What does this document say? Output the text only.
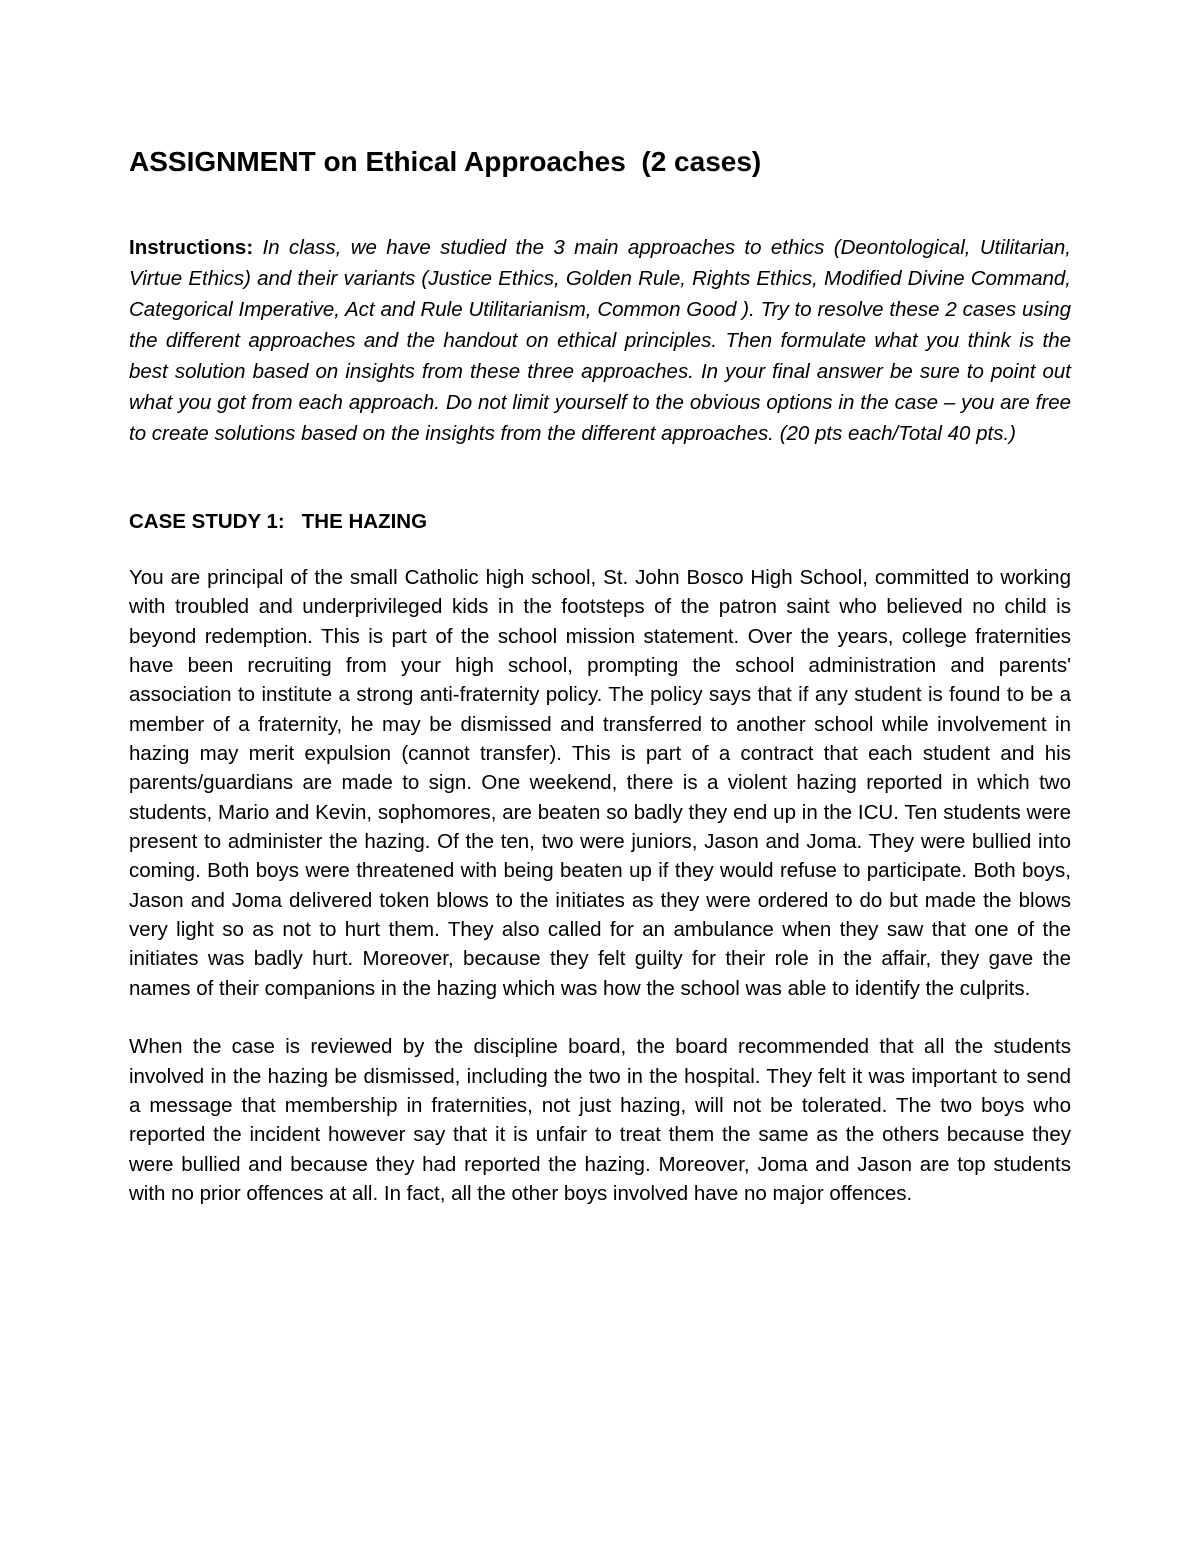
ASSIGNMENT on Ethical Approaches  (2 cases)

Instructions: In class, we have studied the 3 main approaches to ethics (Deontological, Utilitarian, Virtue Ethics) and their variants (Justice Ethics, Golden Rule, Rights Ethics, Modified Divine Command, Categorical Imperative, Act and Rule Utilitarianism, Common Good ). Try to resolve these 2 cases using the different approaches and the handout on ethical principles. Then formulate what you think is the best solution based on insights from these three approaches. In your final answer be sure to point out what you got from each approach. Do not limit yourself to the obvious options in the case – you are free to create solutions based on the insights from the different approaches. (20 pts each/Total 40 pts.)

CASE STUDY 1:   THE HAZING

You are principal of the small Catholic high school, St. John Bosco High School, committed to working with troubled and underprivileged kids in the footsteps of the patron saint who believed no child is beyond redemption. This is part of the school mission statement. Over the years, college fraternities have been recruiting from your high school, prompting the school administration and parents' association to institute a strong anti-fraternity policy. The policy says that if any student is found to be a member of a fraternity, he may be dismissed and transferred to another school while involvement in hazing may merit expulsion (cannot transfer). This is part of a contract that each student and his parents/guardians are made to sign. One weekend, there is a violent hazing reported in which two students, Mario and Kevin, sophomores, are beaten so badly they end up in the ICU. Ten students were present to administer the hazing. Of the ten, two were juniors, Jason and Joma. They were bullied into coming. Both boys were threatened with being beaten up if they would refuse to participate. Both boys, Jason and Joma delivered token blows to the initiates as they were ordered to do but made the blows very light so as not to hurt them. They also called for an ambulance when they saw that one of the initiates was badly hurt. Moreover, because they felt guilty for their role in the affair, they gave the names of their companions in the hazing which was how the school was able to identify the culprits.

When the case is reviewed by the discipline board, the board recommended that all the students involved in the hazing be dismissed, including the two in the hospital. They felt it was important to send a message that membership in fraternities, not just hazing, will not be tolerated. The two boys who reported the incident however say that it is unfair to treat them the same as the others because they were bullied and because they had reported the hazing. Moreover, Joma and Jason are top students with no prior offences at all. In fact, all the other boys involved have no major offences.
